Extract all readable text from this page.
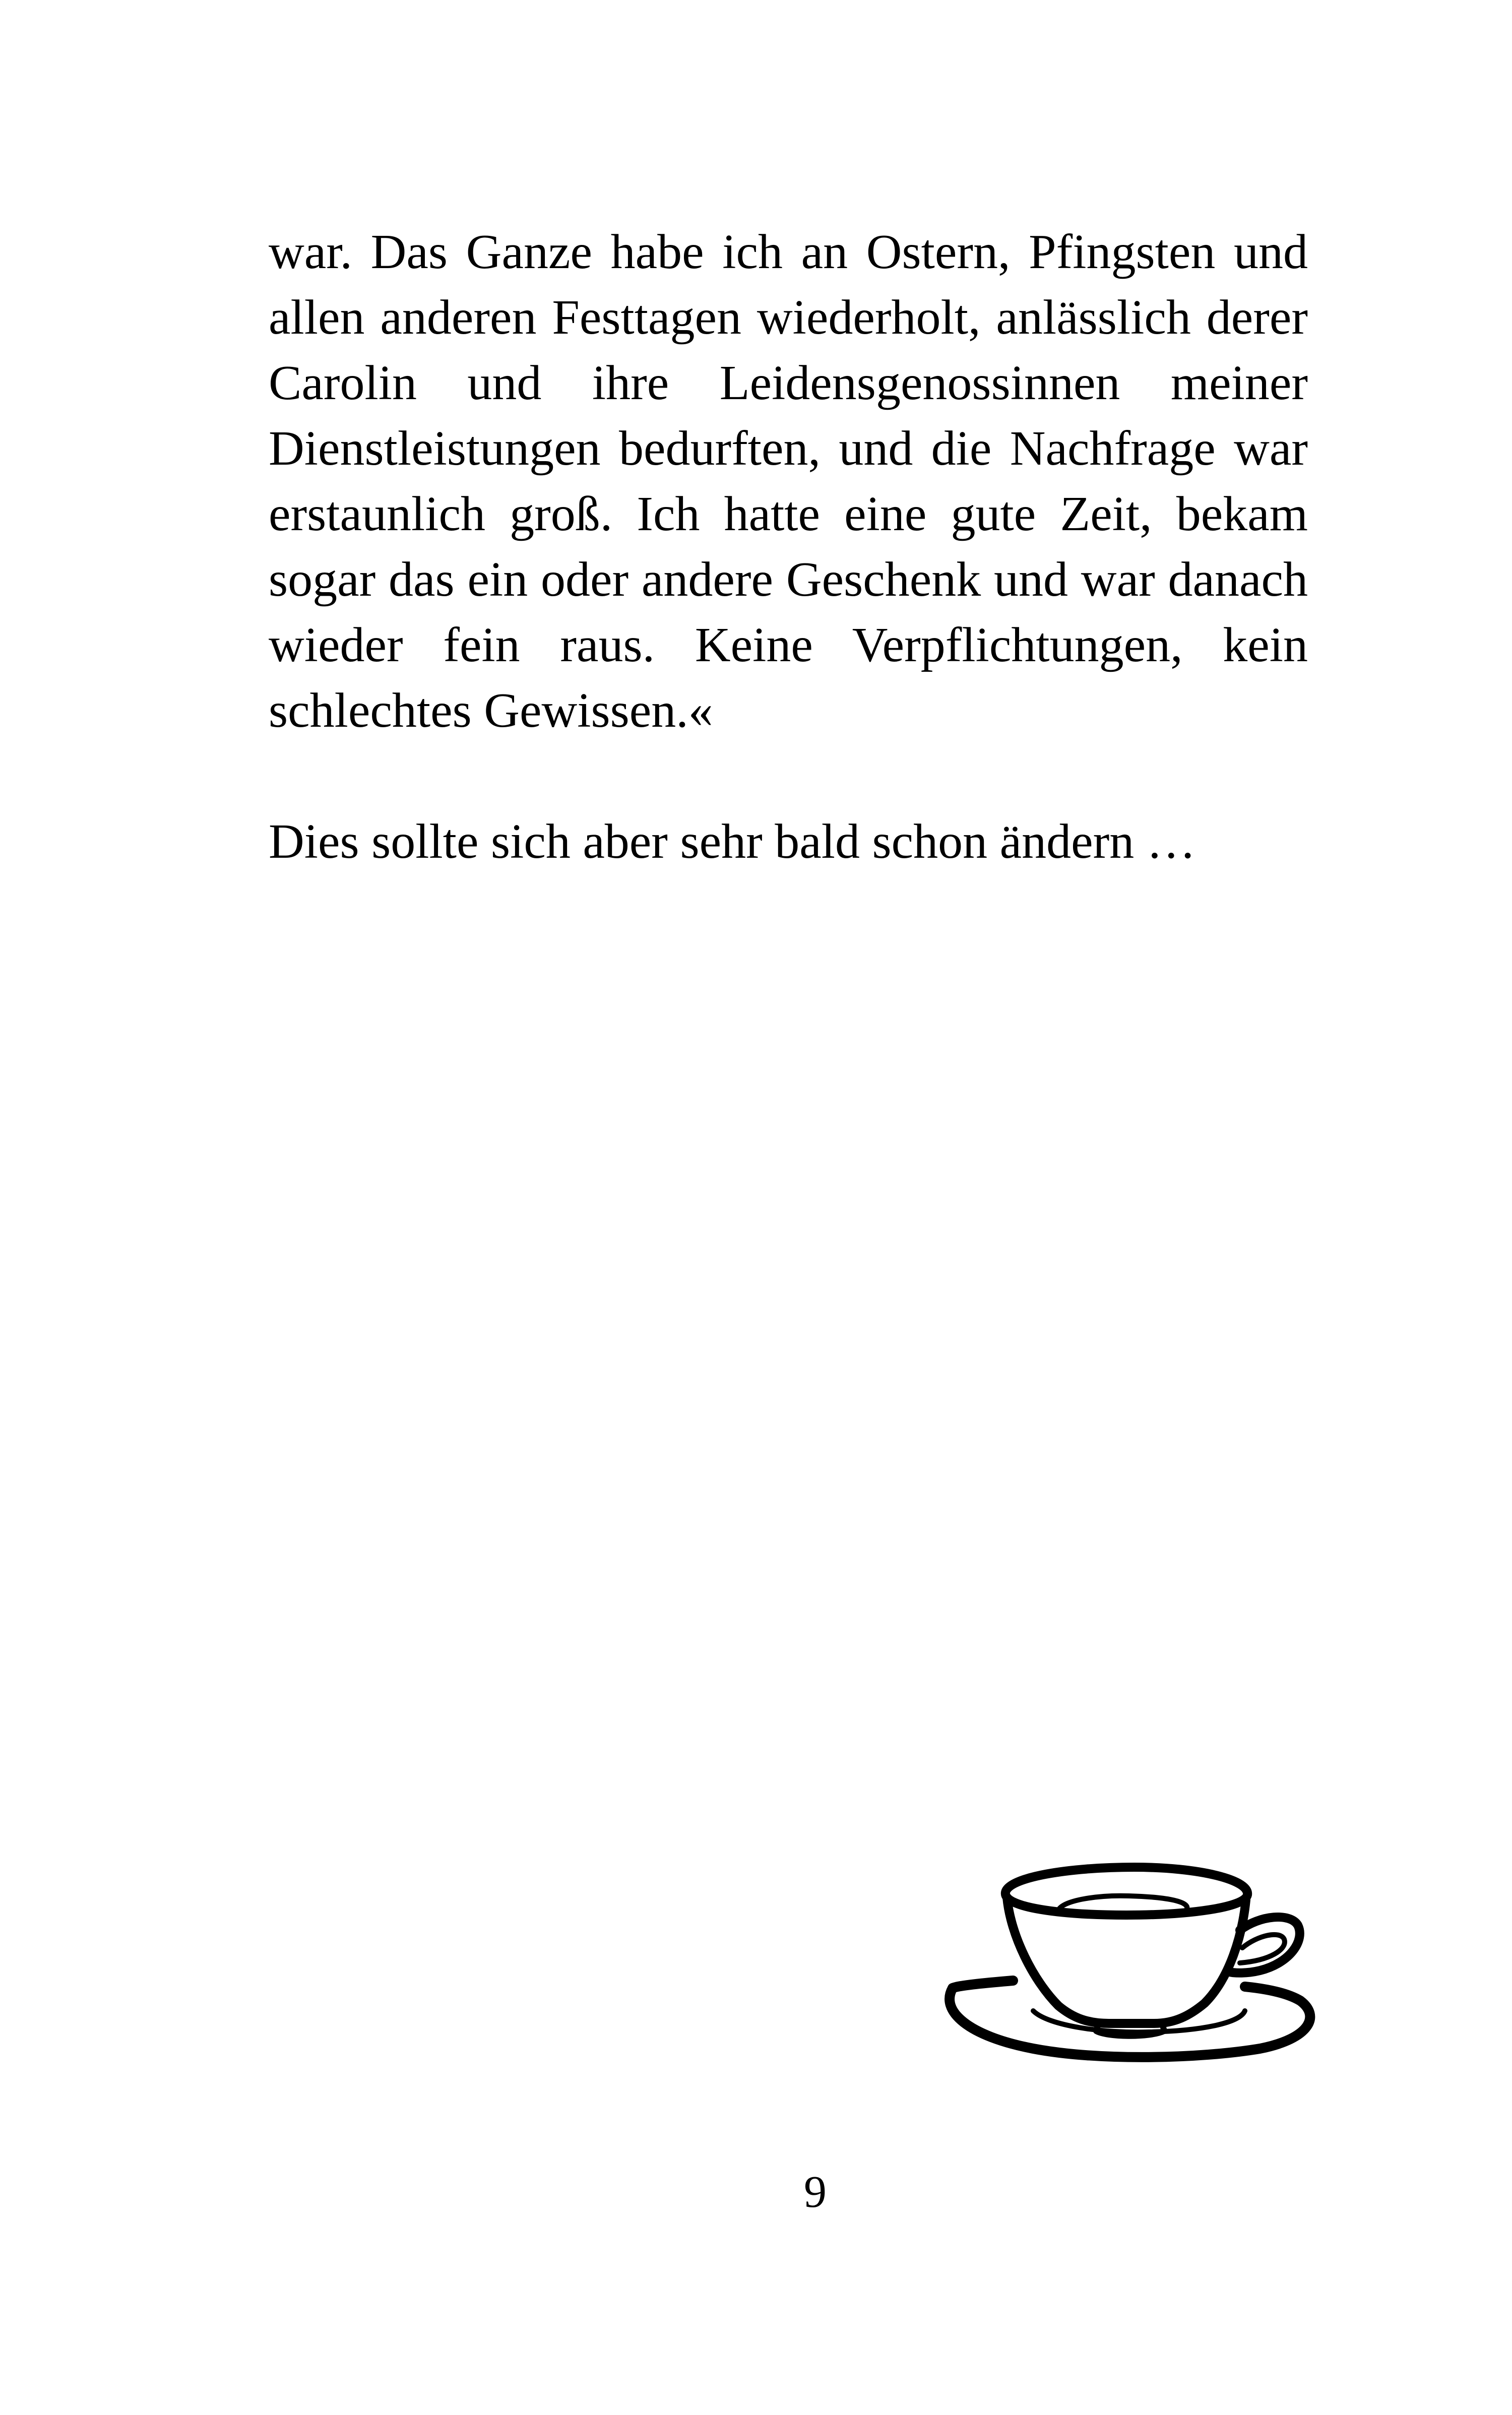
war. Das Ganze habe ich an Ostern, Pfingsten und
allen anderen Festtagen wiederholt, anlässlich derer
Carolin und ihre Leidensgenossinnen meiner
Dienstleistungen bedurften, und die Nachfrage war
erstaunlich groß. Ich hatte eine gute Zeit, bekam
sogar das ein oder andere Geschenk und war danach
wieder fein raus. Keine Verpflichtungen, kein
schlechtes Gewissen.«
Dies sollte sich aber sehr bald schon ändern …
9
